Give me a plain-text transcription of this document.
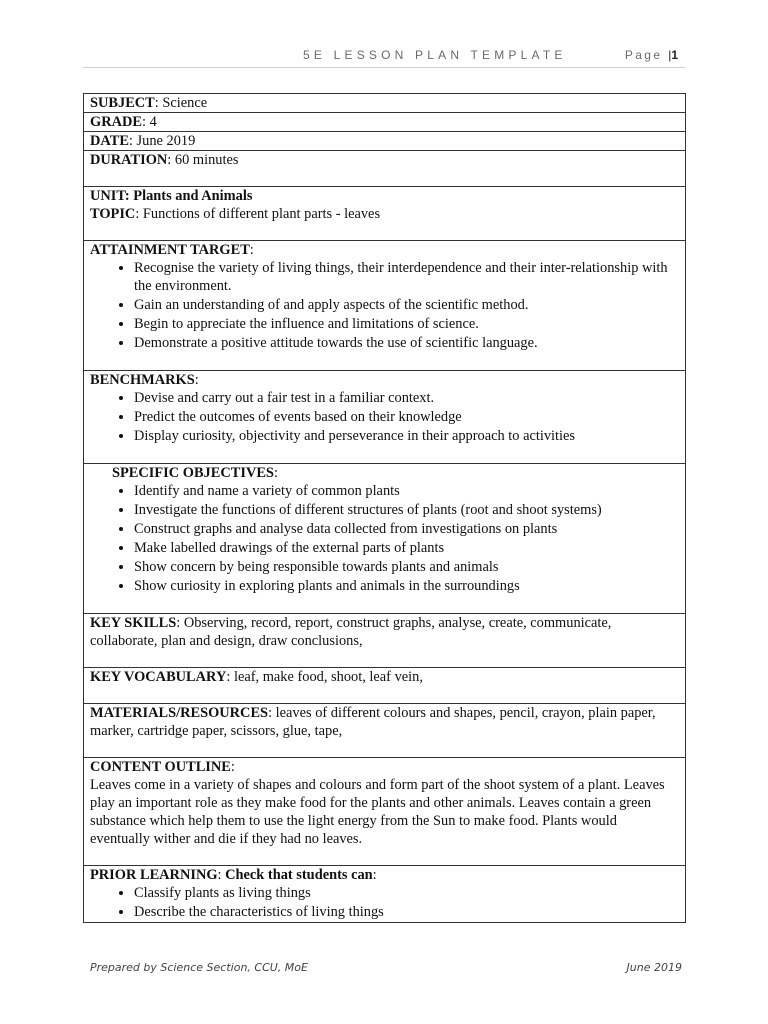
5E LESSON PLAN TEMPLATE	Page |1
SUBJECT: Science
GRADE: 4
DATE: June 2019
DURATION: 60 minutes
UNIT: Plants and Animals
TOPIC: Functions of different plant parts - leaves
ATTAINMENT TARGET:
• Recognise the variety of living things, their interdependence and their inter-relationship with the environment.
• Gain an understanding of and apply aspects of the scientific method.
• Begin to appreciate the influence and limitations of science.
• Demonstrate a positive attitude towards the use of scientific language.

BENCHMARKS:
• Devise and carry out a fair test in a familiar context.
• Predict the outcomes of events based on their knowledge
• Display curiosity, objectivity and perseverance in their approach to activities

SPECIFIC OBJECTIVES:
• Identify and name a variety of common plants
• Investigate the functions of different structures of plants (root and shoot systems)
• Construct graphs and analyse data collected from investigations on plants
• Make labelled drawings of the external parts of plants
• Show concern by being responsible towards plants and animals
• Show curiosity in exploring plants and animals in the surroundings

KEY SKILLS: Observing, record, report, construct graphs, analyse, create, communicate, collaborate, plan and design, draw conclusions,
KEY VOCABULARY: leaf, make food, shoot, leaf vein,
MATERIALS/RESOURCES: leaves of different colours and shapes, pencil, crayon, plain paper, marker, cartridge paper, scissors, glue, tape,
CONTENT OUTLINE:
Leaves come in a variety of shapes and colours and form part of the shoot system of a plant. Leaves play an important role as they make food for the plants and other animals. Leaves contain a green substance which help them to use the light energy from the Sun to make food. Plants would eventually wither and die if they had no leaves.
PRIOR LEARNING: Check that students can:
• Classify plants as living things
• Describe the characteristics of living things
Prepared by Science Section, CCU, MoE	June 2019
